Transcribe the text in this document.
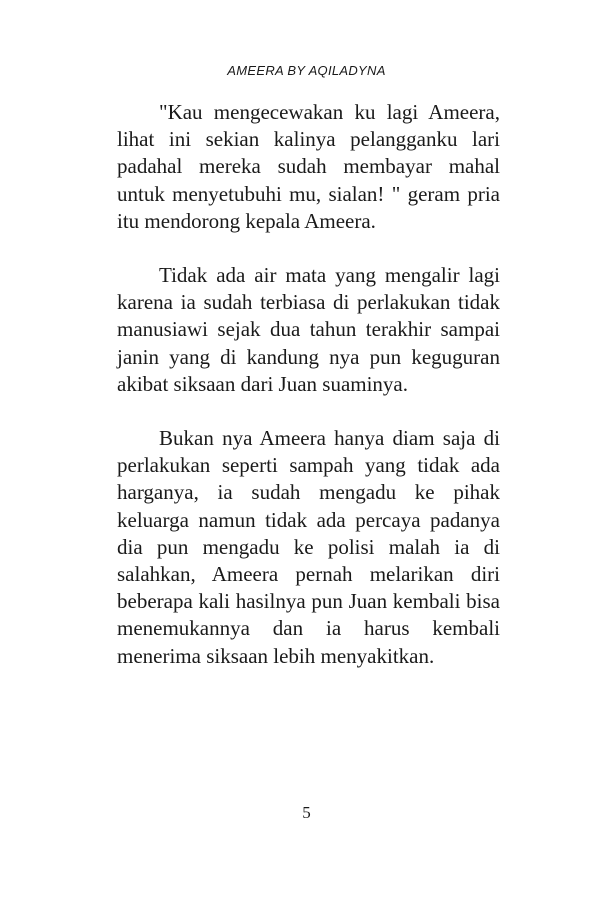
AMEERA BY AQILADYNA

"Kau mengecewakan ku lagi Ameera, lihat ini sekian kalinya pelangganku lari padahal mereka sudah membayar mahal untuk menyetubuhi mu, sialan! " geram pria itu mendorong kepala Ameera.

Tidak ada air mata yang mengalir lagi karena ia sudah terbiasa di perlakukan tidak manusiawi sejak dua tahun terakhir sampai janin yang di kandung nya pun keguguran akibat siksaan dari Juan suaminya.

Bukan nya Ameera hanya diam saja di perlakukan seperti sampah yang tidak ada harganya, ia sudah mengadu ke pihak keluarga namun tidak ada percaya padanya dia pun mengadu ke polisi malah ia di salahkan, Ameera pernah melarikan diri beberapa kali hasilnya pun Juan kembali bisa menemukannya dan ia harus kembali menerima siksaan lebih menyakitkan.

5
